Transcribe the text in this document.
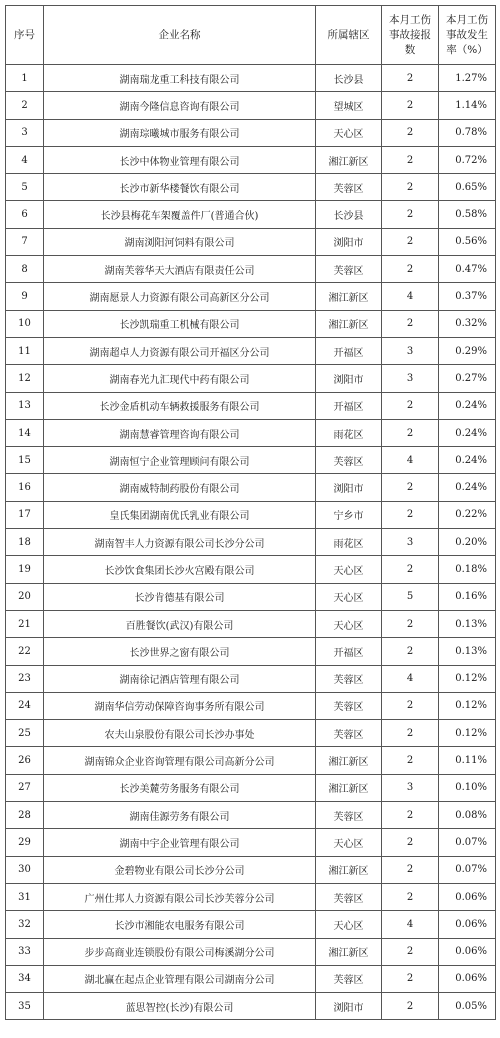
序号	企业名称	所属辖区	本月工伤事故接报数	本月工伤事故发生率（%）
1	湖南瑞龙重工科技有限公司	长沙县	2	1.27%
2	湖南今隆信息咨询有限公司	望城区	2	1.14%
3	湖南琮曦城市服务有限公司	天心区	2	0.78%
4	长沙中体物业管理有限公司	湘江新区	2	0.72%
5	长沙市新华楼餐饮有限公司	芙蓉区	2	0.65%
6	长沙县梅花车架覆盖件厂(普通合伙)	长沙县	2	0.58%
7	湖南浏阳河饲料有限公司	浏阳市	2	0.56%
8	湖南芙蓉华天大酒店有限责任公司	芙蓉区	2	0.47%
9	湖南愿景人力资源有限公司高新区分公司	湘江新区	4	0.37%
10	长沙凯瑞重工机械有限公司	湘江新区	2	0.32%
11	湖南超卓人力资源有限公司开福区分公司	开福区	3	0.29%
12	湖南春光九汇现代中药有限公司	浏阳市	3	0.27%
13	长沙金盾机动车辆救援服务有限公司	开福区	2	0.24%
14	湖南慧睿管理咨询有限公司	雨花区	2	0.24%
15	湖南恒宁企业管理顾问有限公司	芙蓉区	4	0.24%
16	湖南威特制药股份有限公司	浏阳市	2	0.24%
17	皇氏集团湖南优氏乳业有限公司	宁乡市	2	0.22%
18	湖南智丰人力资源有限公司长沙分公司	雨花区	3	0.20%
19	长沙饮食集团长沙火宫殿有限公司	天心区	2	0.18%
20	长沙肯德基有限公司	天心区	5	0.16%
21	百胜餐饮(武汉)有限公司	天心区	2	0.13%
22	长沙世界之窗有限公司	开福区	2	0.13%
23	湖南徐记酒店管理有限公司	芙蓉区	4	0.12%
24	湖南华信劳动保障咨询事务所有限公司	芙蓉区	2	0.12%
25	农夫山泉股份有限公司长沙办事处	芙蓉区	2	0.12%
26	湖南锦众企业咨询管理有限公司高新分公司	湘江新区	2	0.11%
27	长沙美麓劳务服务有限公司	湘江新区	3	0.10%
28	湖南佳源劳务有限公司	芙蓉区	2	0.08%
29	湖南中宇企业管理有限公司	天心区	2	0.07%
30	金碧物业有限公司长沙分公司	湘江新区	2	0.07%
31	广州仕邦人力资源有限公司长沙芙蓉分公司	芙蓉区	2	0.06%
32	长沙市湘能农电服务有限公司	天心区	4	0.06%
33	步步高商业连锁股份有限公司梅溪湖分公司	湘江新区	2	0.06%
34	湖北赢在起点企业管理有限公司湖南分公司	芙蓉区	2	0.06%
35	蓝思智控(长沙)有限公司	浏阳市	2	0.05%
